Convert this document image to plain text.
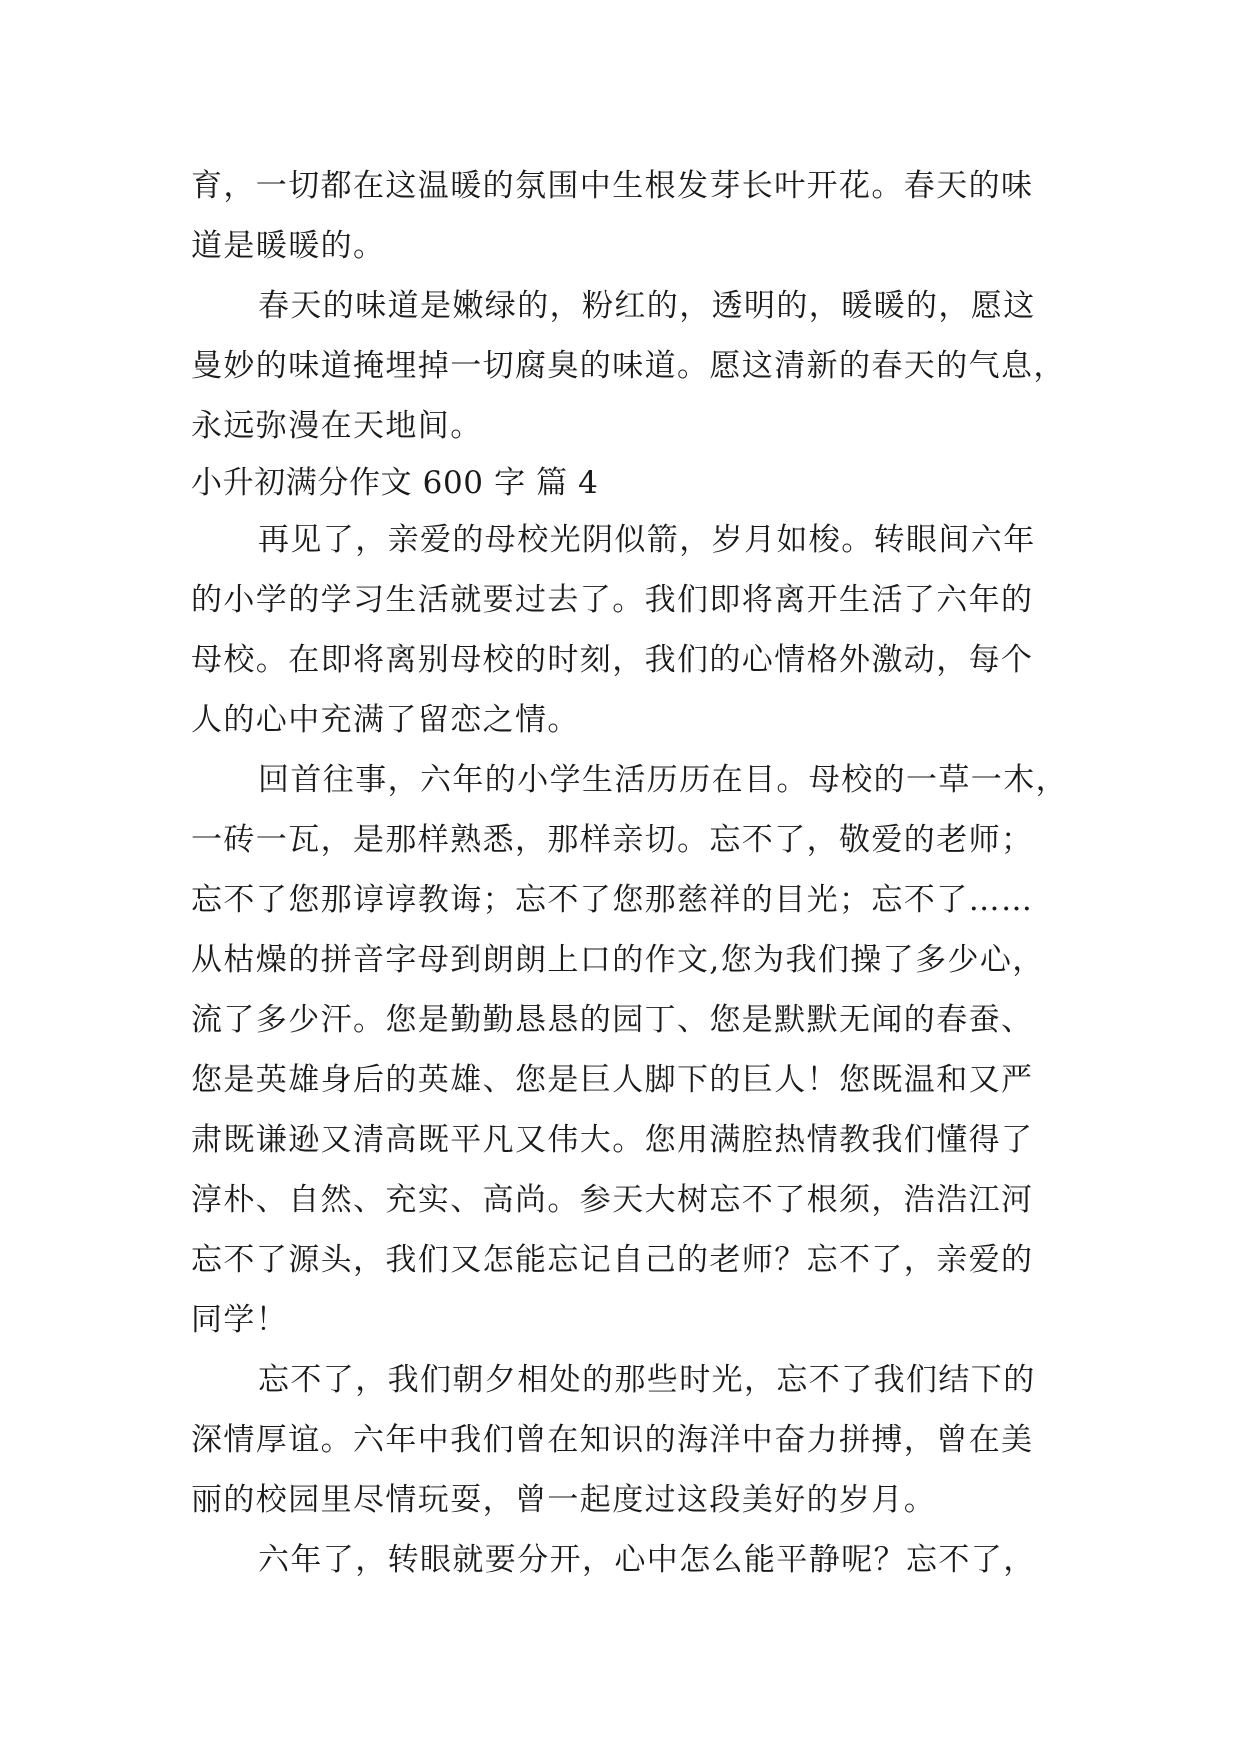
育，一切都在这温暖的氛围中生根发芽长叶开花。春天的味
道是暖暖的。
春天的味道是嫩绿的，粉红的，透明的，暖暖的，愿这
曼妙的味道掩埋掉一切腐臭的味道。愿这清新的春天的气息，
永远弥漫在天地间。
小升初满分作文 600 字 篇 4
再见了，亲爱的母校光阴似箭，岁月如梭。转眼间六年
的小学的学习生活就要过去了。我们即将离开生活了六年的
母校。在即将离别母校的时刻，我们的心情格外激动，每个
人的心中充满了留恋之情。
回首往事，六年的小学生活历历在目。母校的一草一木，
一砖一瓦，是那样熟悉，那样亲切。忘不了，敬爱的老师；
忘不了您那谆谆教诲；忘不了您那慈祥的目光；忘不了……
从枯燥的拼音字母到朗朗上口的作文,您为我们操了多少心，
流了多少汗。您是勤勤恳恳的园丁、您是默默无闻的春蚕、
您是英雄身后的英雄、您是巨人脚下的巨人！您既温和又严
肃既谦逊又清高既平凡又伟大。您用满腔热情教我们懂得了
淳朴、自然、充实、高尚。参天大树忘不了根须，浩浩江河
忘不了源头，我们又怎能忘记自己的老师？忘不了，亲爱的
同学！
忘不了，我们朝夕相处的那些时光，忘不了我们结下的
深情厚谊。六年中我们曾在知识的海洋中奋力拼搏，曾在美
丽的校园里尽情玩耍，曾一起度过这段美好的岁月。
六年了，转眼就要分开，心中怎么能平静呢？忘不了，
